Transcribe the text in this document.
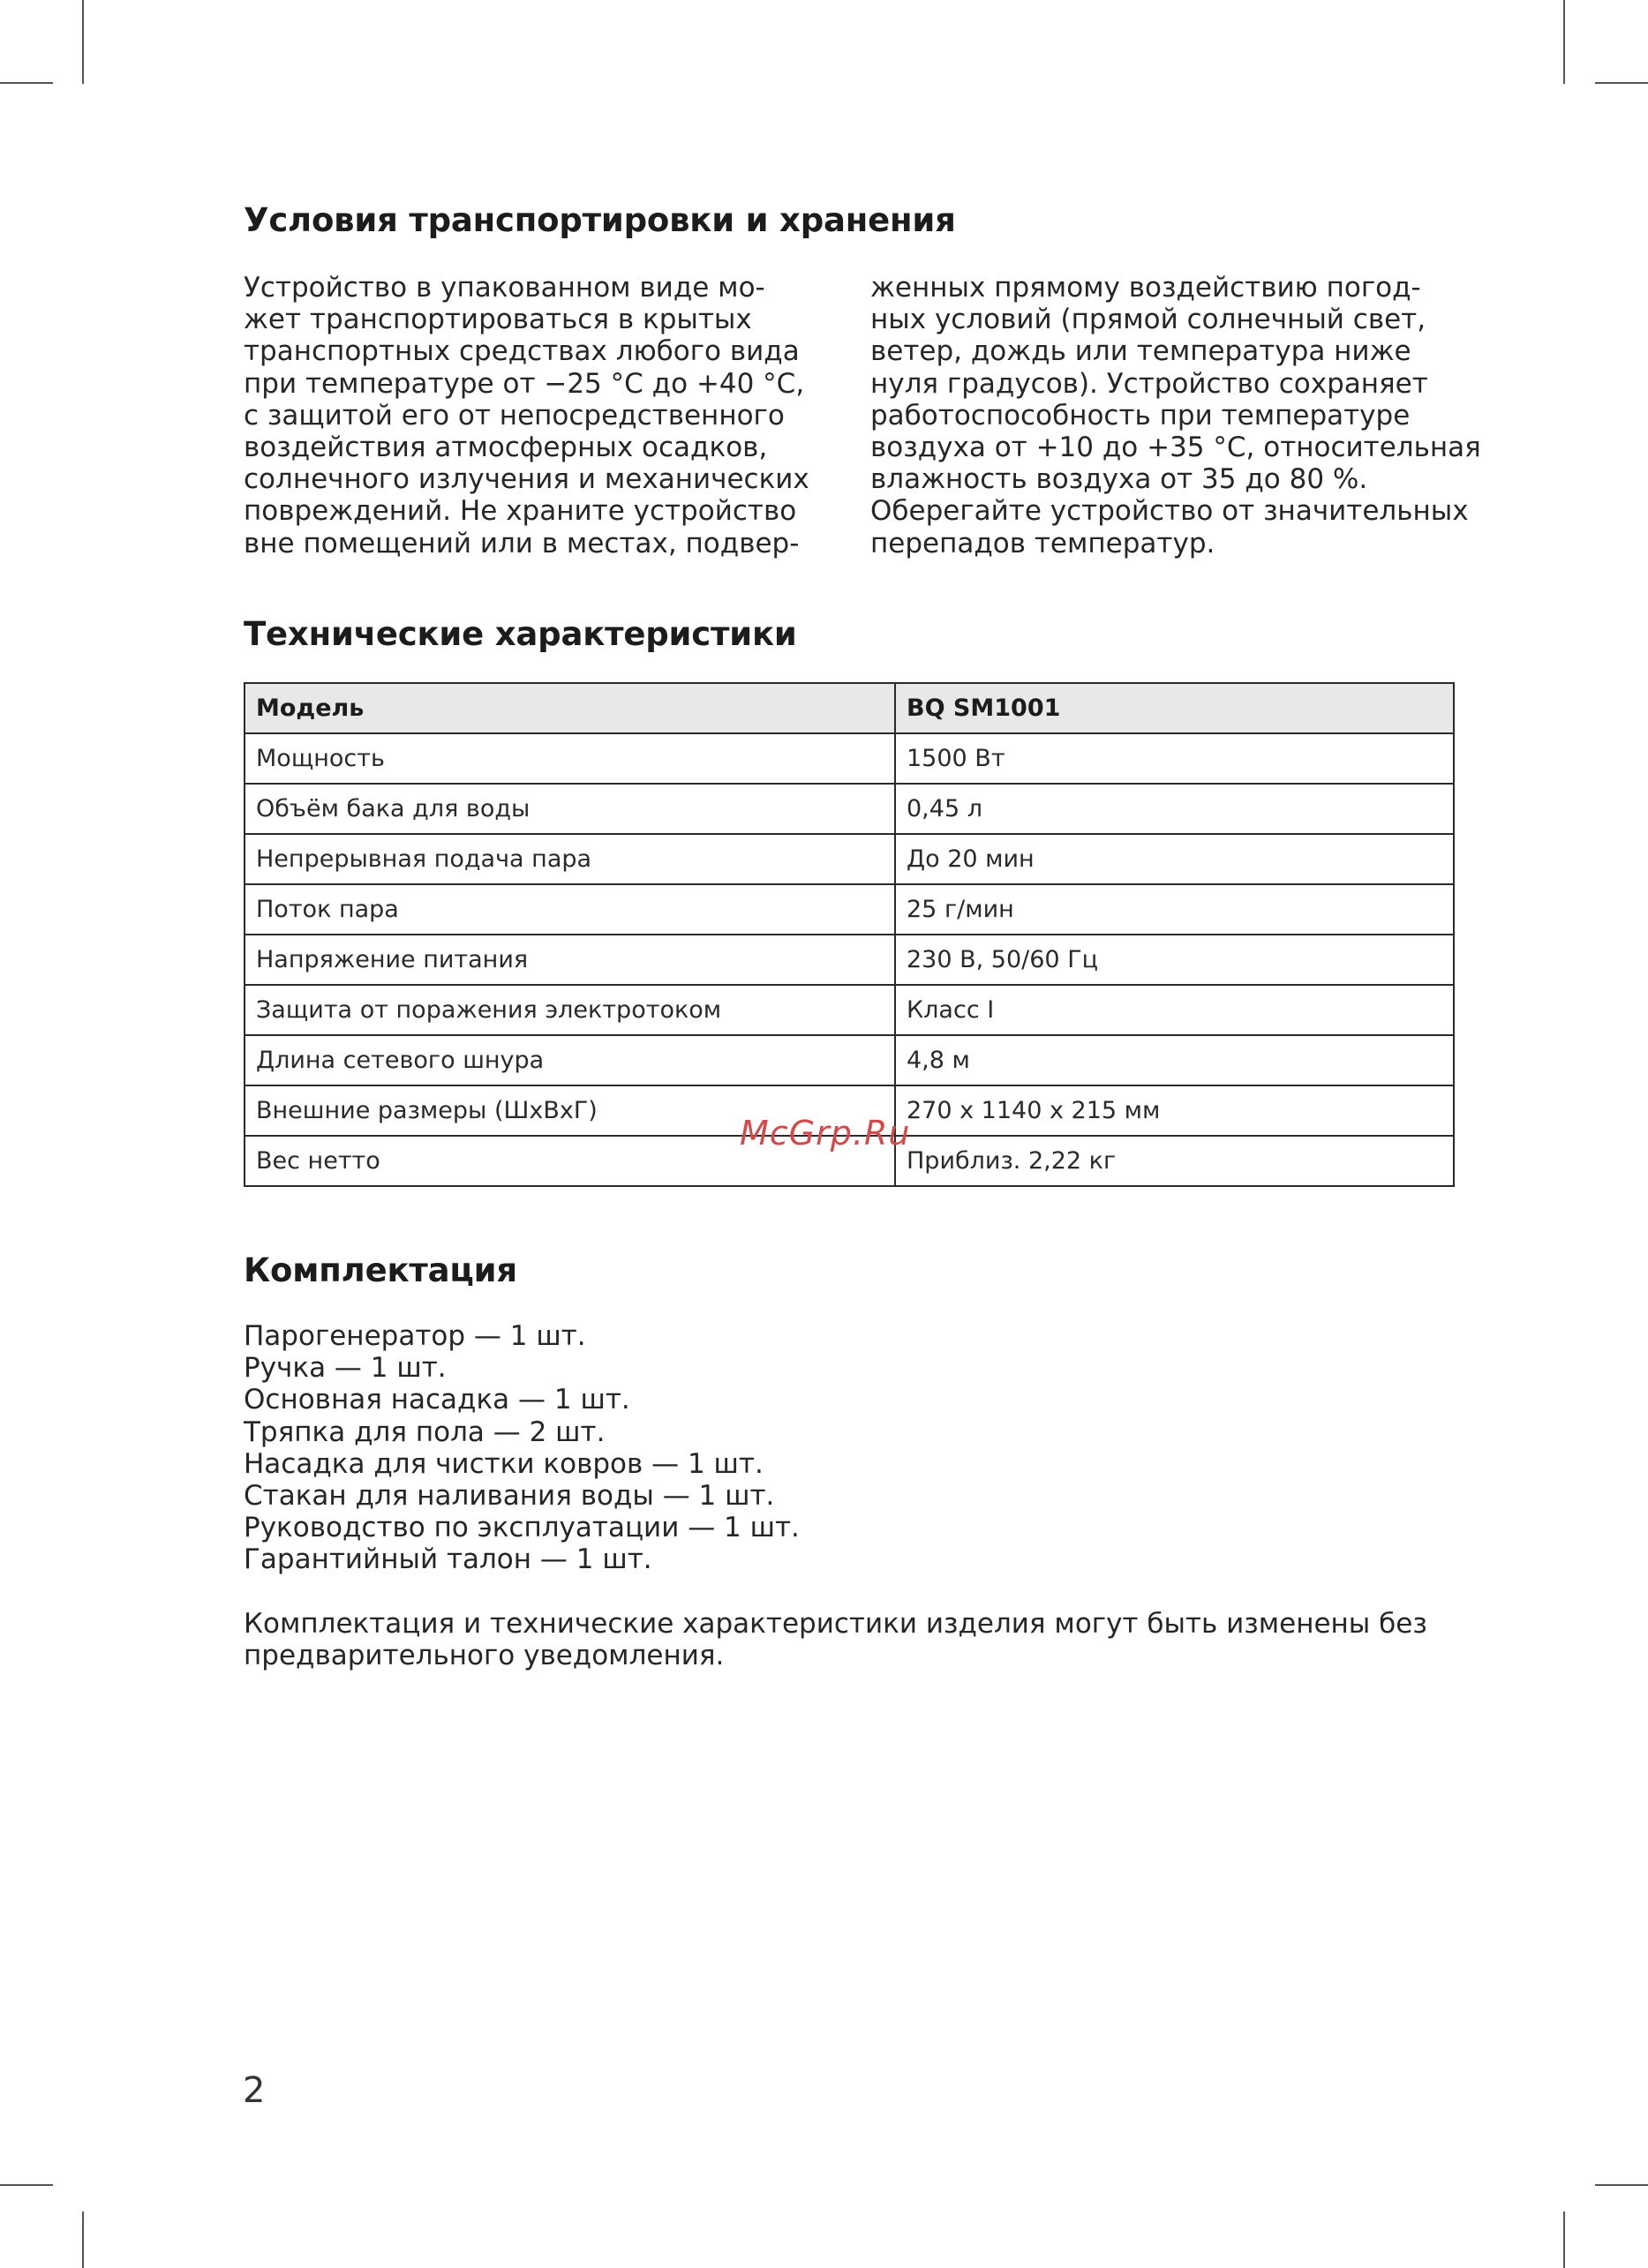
Условия транспортировки и хранения
Устройство в упакованном виде мо-
жет транспортироваться в крытых
транспортных средствах любого вида
при температуре от −25 °C до +40 °C,
с защитой его от непосредственного
воздействия атмосферных осадков,
солнечного излучения и механических
повреждений. Не храните устройство
вне помещений или в местах, подвер-
женных прямому воздействию погод-
ных условий (прямой солнечный свет,
ветер, дождь или температура ниже
нуля градусов). Устройство сохраняет
работоспособность при температуре
воздуха от +10 до +35 °C, относительная
влажность воздуха от 35 до 80 %.
Оберегайте устройство от значительных
перепадов температур.
Технические характеристики
Модель	BQ SM1001
Мощность	1500 Вт
Объём бака для воды	0,45 л
Непрерывная подача пара	До 20 мин
Поток пара	25 г/мин
Напряжение питания	230 В, 50/60 Гц
Защита от поражения электротоком	Класс I
Длина сетевого шнура	4,8 м
Внешние размеры (ШхВхГ)	270 x 1140 x 215 мм
Вес нетто	Приблиз. 2,22 кг
McGrp.Ru
Комплектация
Парогенератор — 1 шт.
Ручка — 1 шт.
Основная насадка — 1 шт.
Тряпка для пола — 2 шт.
Насадка для чистки ковров — 1 шт.
Стакан для наливания воды — 1 шт.
Руководство по эксплуатации — 1 шт.
Гарантийный талон — 1 шт.
Комплектация и технические характеристики изделия могут быть изменены без
предварительного уведомления.
2
